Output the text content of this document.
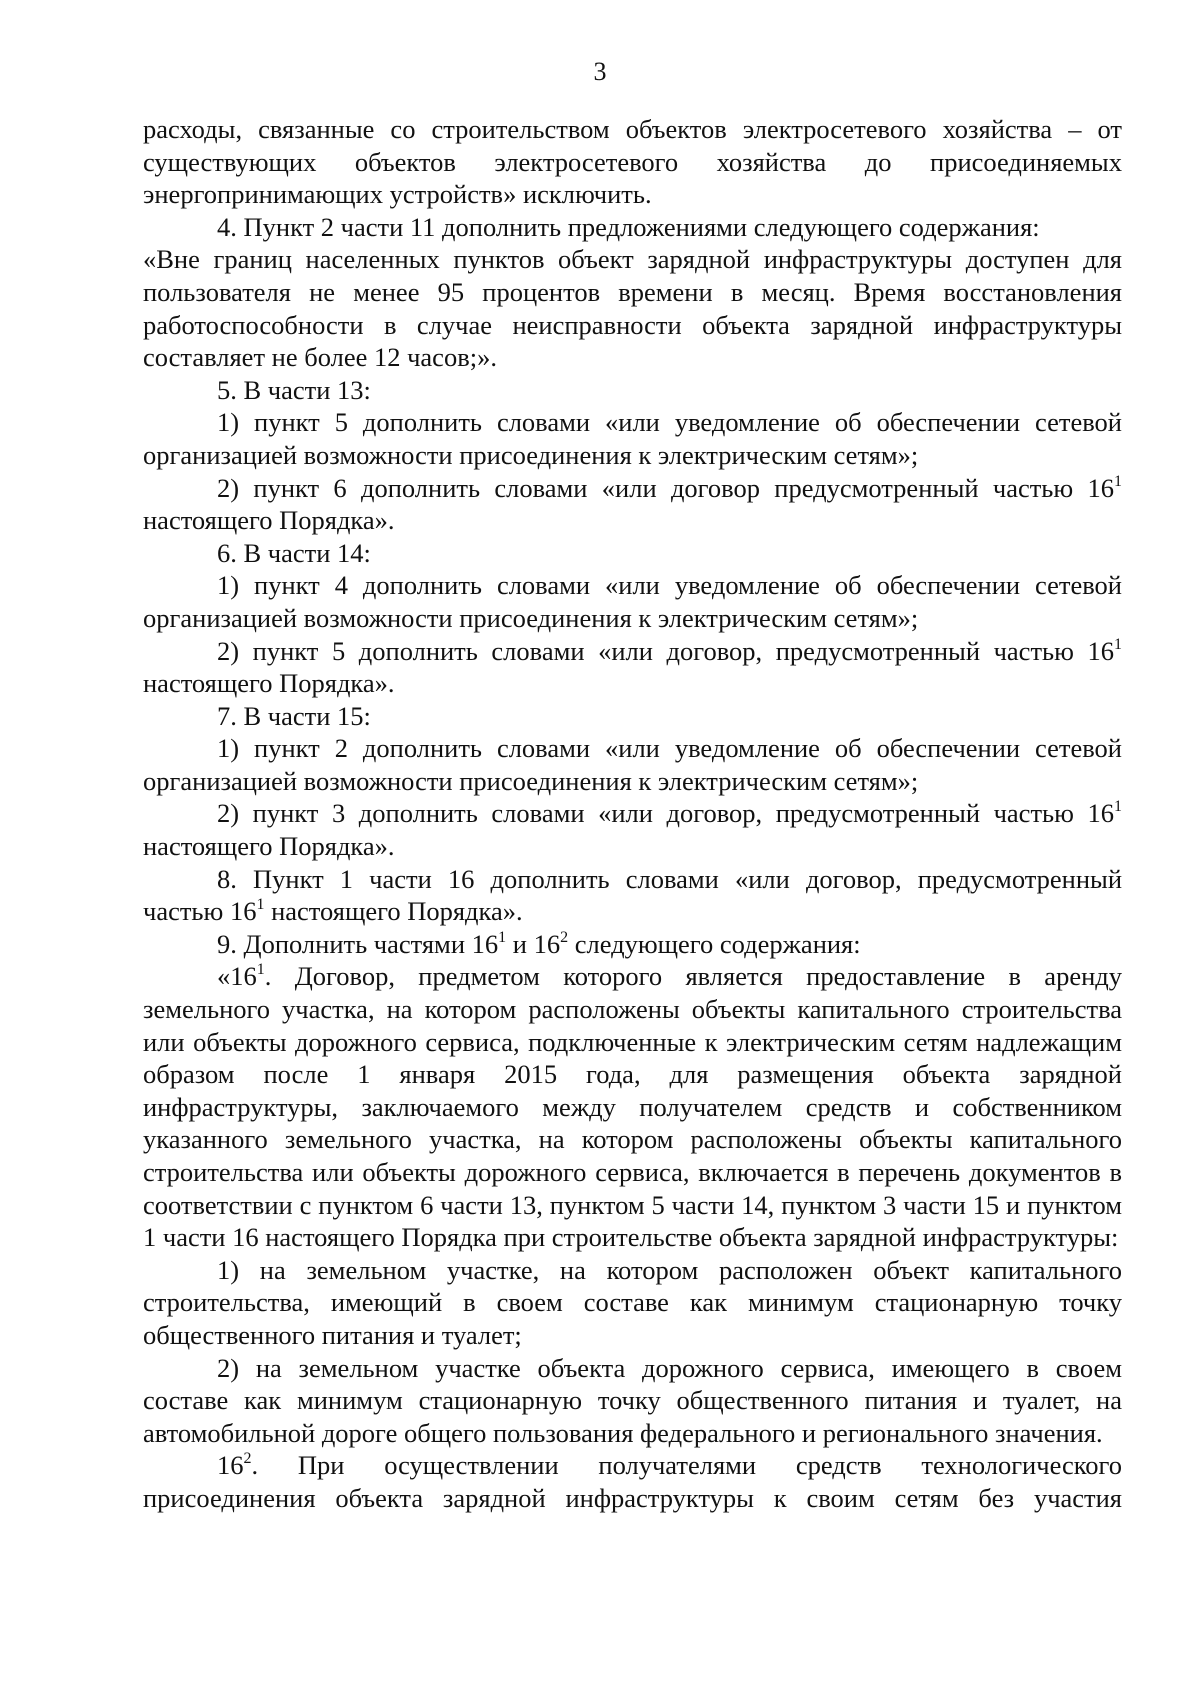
3

расходы, связанные со строительством объектов электросетевого хозяйства – от существующих объектов электросетевого хозяйства до присоединяемых энергопринимающих устройств» исключить.

4. Пункт 2 части 11 дополнить предложениями следующего содержания:

«Вне границ населенных пунктов объект зарядной инфраструктуры доступен для пользователя не менее 95 процентов времени в месяц. Время восстановления работоспособности в случае неисправности объекта зарядной инфраструктуры составляет не более 12 часов;».

5. В части 13:

1) пункт 5 дополнить словами «или уведомление об обеспечении сетевой организацией возможности присоединения к электрическим сетям»;

2) пункт 6 дополнить словами «или договор предусмотренный частью $16^1$ настоящего Порядка».

6. В части 14:

1) пункт 4 дополнить словами «или уведомление об обеспечении сетевой организацией возможности присоединения к электрическим сетям»;

2) пункт 5 дополнить словами «или договор, предусмотренный частью $16^1$ настоящего Порядка».

7. В части 15:

1) пункт 2 дополнить словами «или уведомление об обеспечении сетевой организацией возможности присоединения к электрическим сетям»;

2) пункт 3 дополнить словами «или договор, предусмотренный частью $16^1$ настоящего Порядка».

8. Пункт 1 части 16 дополнить словами «или договор, предусмотренный частью $16^1$ настоящего Порядка».

9. Дополнить частями $16^1$ и $16^2$ следующего содержания:

«$16^1$. Договор, предметом которого является предоставление в аренду земельного участка, на котором расположены объекты капитального строительства или объекты дорожного сервиса, подключенные к электрическим сетям надлежащим образом после 1 января 2015 года, для размещения объекта зарядной инфраструктуры, заключаемого между получателем средств и собственником указанного земельного участка, на котором расположены объекты капитального строительства или объекты дорожного сервиса, включается в перечень документов в соответствии с пунктом 6 части 13, пунктом 5 части 14, пунктом 3 части 15 и пунктом 1 части 16 настоящего Порядка при строительстве объекта зарядной инфраструктуры:

1) на земельном участке, на котором расположен объект капитального строительства, имеющий в своем составе как минимум стационарную точку общественного питания и туалет;

2) на земельном участке объекта дорожного сервиса, имеющего в своем составе как минимум стационарную точку общественного питания и туалет, на автомобильной дороге общего пользования федерального и регионального значения.

$16^2$. При осуществлении получателями средств технологического присоединения объекта зарядной инфраструктуры к своим сетям без участия
